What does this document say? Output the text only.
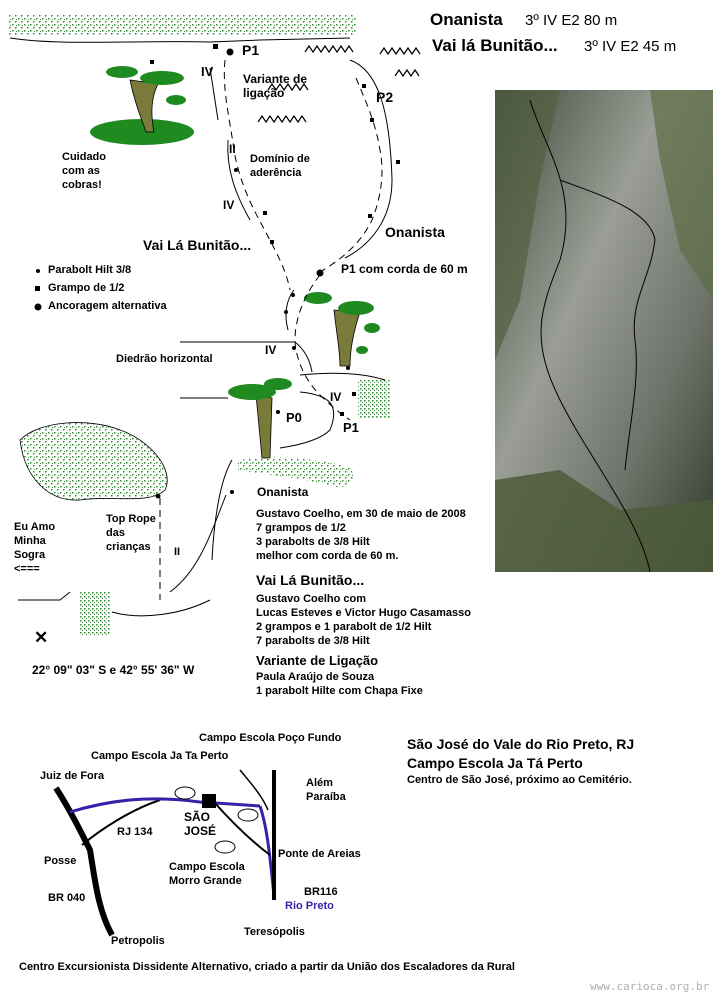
Onanista 3º IV E2 80 m
Vai lá Bunitão... 3º IV E2 45 m
P1
P2
IV Variante de
ligação
II
Domínio de
aderência
Cuidado
com as
cobras!
IV
Onanista
Vai Lá Bunitão...
P1 com corda de 60 m
Parabolt Hilt 3/8
Grampo de 1/2
Ancoragem alternativa
IV
Diedrão horizontal
IV
P0
P1
Onanista
Eu Amo
Minha
Sogra
<===
Top Rope
das
crianças	II
✕
22° 09" 03" S e 42° 55' 36" W
Gustavo Coelho, em 30 de maio de 2008
7 grampos de 1/2
3 parabolts de 3/8 Hilt
melhor com corda de 60 m.
Vai Lá Bunitão...
Gustavo Coelho com
Lucas Esteves e Victor Hugo Casamasso
2 grampos e 1 parabolt de 1/2 Hilt
7 parabolts de 3/8 Hilt
Variante de Ligação
Paula Araújo de Souza
1 parabolt Hilte com Chapa Fixe
São José do Vale do Rio Preto, RJ
Campo Escola Ja Tá Perto
Centro de São José, próximo ao Cemitério.
Campo Escola Poço Fundo
Campo Escola Ja Ta Perto
Juiz de Fora
Além
Paraíba
RJ 134
SÃO
JOSÉ
Posse	Campo Escola
Morro Grande
Ponte de Areias
BR 040	BR116
Rio Preto
Teresópolis
Petropolis
Centro Excursionista Dissidente Alternativo, criado a partir da União dos Escaladores da Rural
www.carioca.org.br
